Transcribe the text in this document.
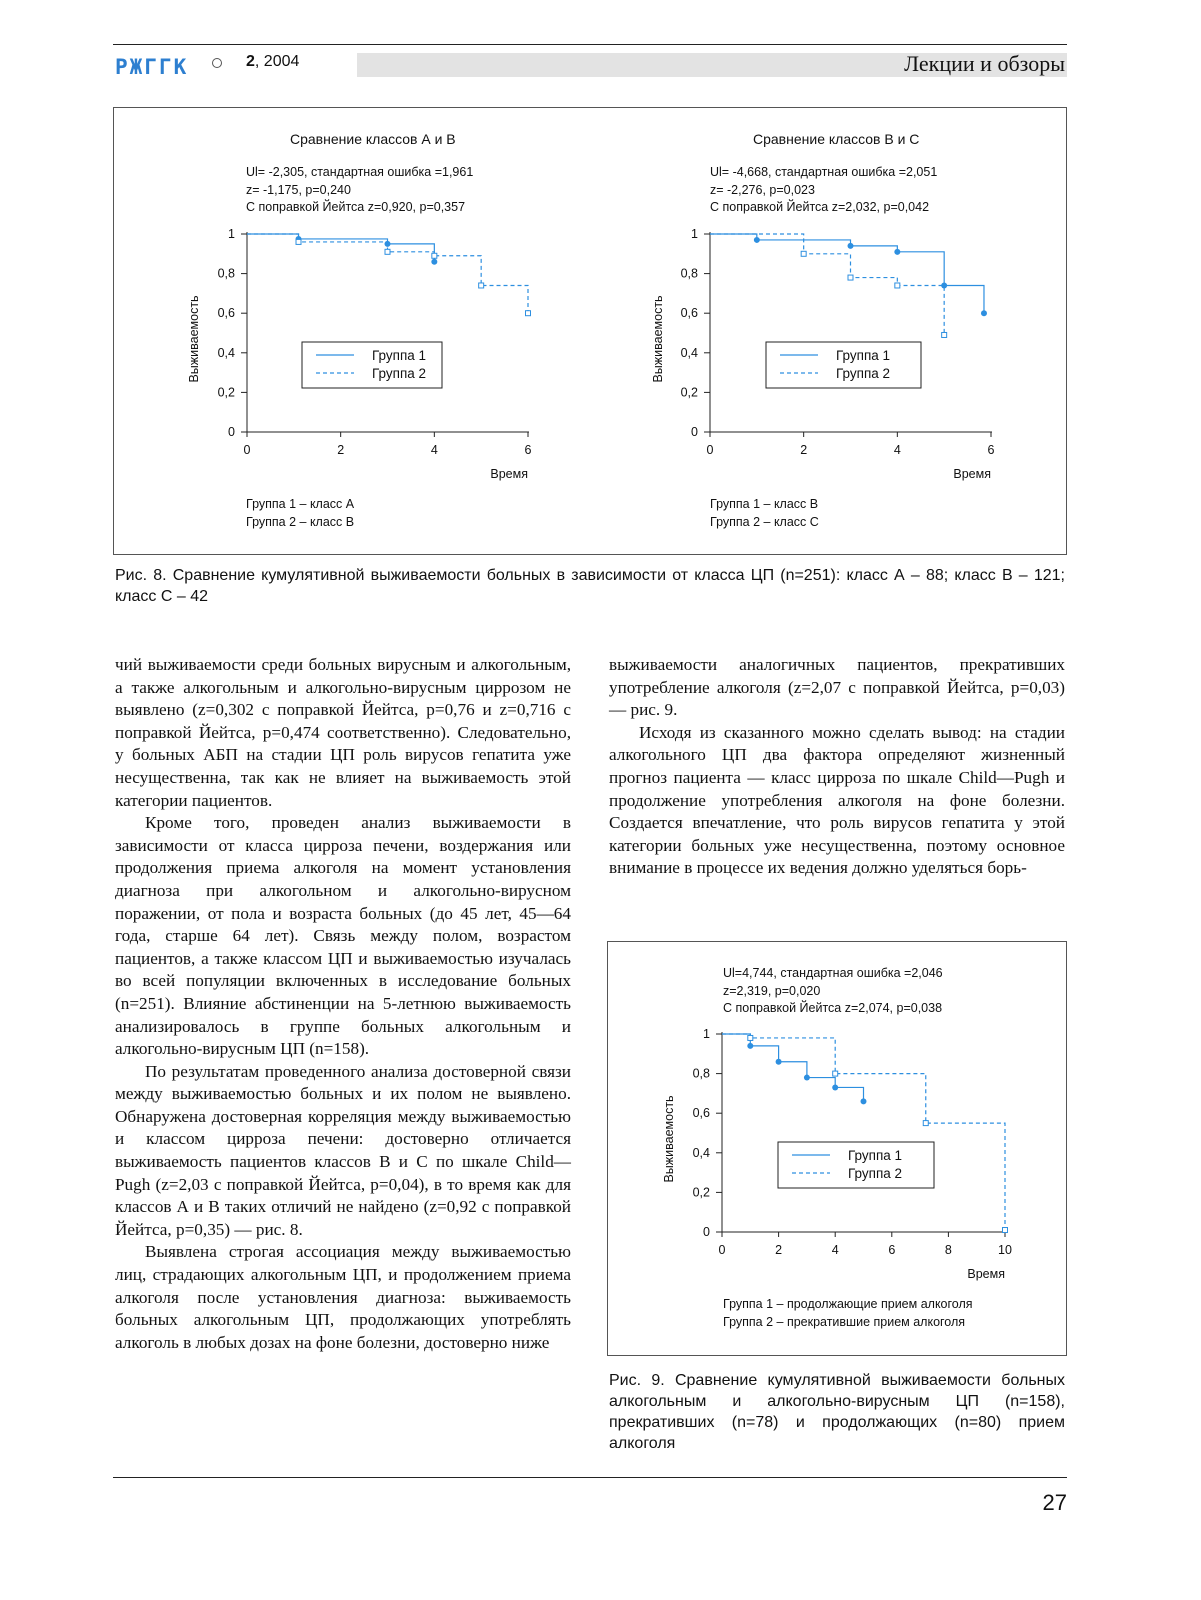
РЖГГК	2, 2004	Лекции и обзоры
Сравнение классов А и В
Ul= -2,305, стандартная ошибка =1,961
z= -1,175, p=0,240
С поправкой Йейтса z=0,920, p=0,357
0
0,2
0,4
0,6
0,8
1
0	2	4	6
Время
Выживаемость	Группа 1
Группа 2
Группа 1 – класс А
Группа 2 – класс В
Сравнение классов В и С
Ul= -4,668, стандартная ошибка =2,051
z= -2,276, p=0,023
С поправкой Йейтса z=2,032, p=0,042
0
0,2
0,4
0,6
0,8
1
0	2	4	6
Время
Выживаемость	Группа 1
Группа 2
Группа 1 – класс В
Группа 2 – класс С
Рис. 8. Сравнение кумулятивной выживаемости больных в зависимости от класса ЦП (n=251): класс А – 88; класс В – 121; класс С – 42

чий выживаемости среди больных вирусным и алкогольным, а также алкогольным и алкогольно-вирусным циррозом не выявлено (z=0,302 с поправкой Йейтса, p=0,76 и z=0,716 с поправкой Йейтса, p=0,474 соответственно). Следовательно, у больных АБП на стадии ЦП роль вирусов гепатита уже несущественна, так как не влияет на выживаемость этой категории пациентов.

Кроме того, проведен анализ выживаемости в зависимости от класса цирроза печени, воздержания или продолжения приема алкоголя на момент установления диагноза при алкогольном и алкогольно-вирусном поражении, от пола и возраста больных (до 45 лет, 45—64 года, старше 64 лет). Связь между полом, возрастом пациентов, а также классом ЦП и выживаемостью изучалась во всей популяции включенных в исследование больных (n=251). Влияние абстиненции на 5-летнюю выживаемость анализировалось в группе больных алкогольным и алкогольно-вирусным ЦП (n=158).

По результатам проведенного анализа достоверной связи между выживаемостью больных и их полом не выявлено. Обнаружена достоверная корреляция между выживаемостью и классом цирроза печени: достоверно отличается выживаемость пациентов классов В и С по шкале Child—Pugh (z=2,03 с поправкой Йейтса, p=0,04), в то время как для классов А и В таких отличий не найдено (z=0,92 с поправкой Йейтса, p=0,35) — рис. 8.

Выявлена строгая ассоциация между выживаемостью лиц, страдающих алкогольным ЦП, и продолжением приема алкоголя после установления диагноза: выживаемость больных алкогольным ЦП, продолжающих употреблять алкоголь в любых дозах на фоне болезни, достоверно ниже

выживаемости аналогичных пациентов, прекративших употребление алкоголя (z=2,07 с поправкой Йейтса, p=0,03) — рис. 9.

Исходя из сказанного можно сделать вывод: на стадии алкогольного ЦП два фактора определяют жизненный прогноз пациента — класс цирроза по шкале Child—Pugh и продолжение употребления алкоголя на фоне болезни. Создается впечатление, что роль вирусов гепатита у этой категории больных уже несущественна, поэтому основное внимание в процессе их ведения должно уделяться борь-

Ul=4,744, стандартная ошибка =2,046
z=2,319, p=0,020
С поправкой Йейтса z=2,074, p=0,038
0
0,2
0,4
0,6
0,8
1
0	2	4	6	8	10
Время
Выживаемость	Группа 1
Группа 2
Группа 1 – продолжающие прием алкоголя
Группа 2 – прекратившие прием алкоголя
Рис. 9. Сравнение кумулятивной выживаемости больных алкогольным и алкогольно-вирусным ЦП (n=158), прекративших (n=78) и продолжающих (n=80) прием алкоголя
27
